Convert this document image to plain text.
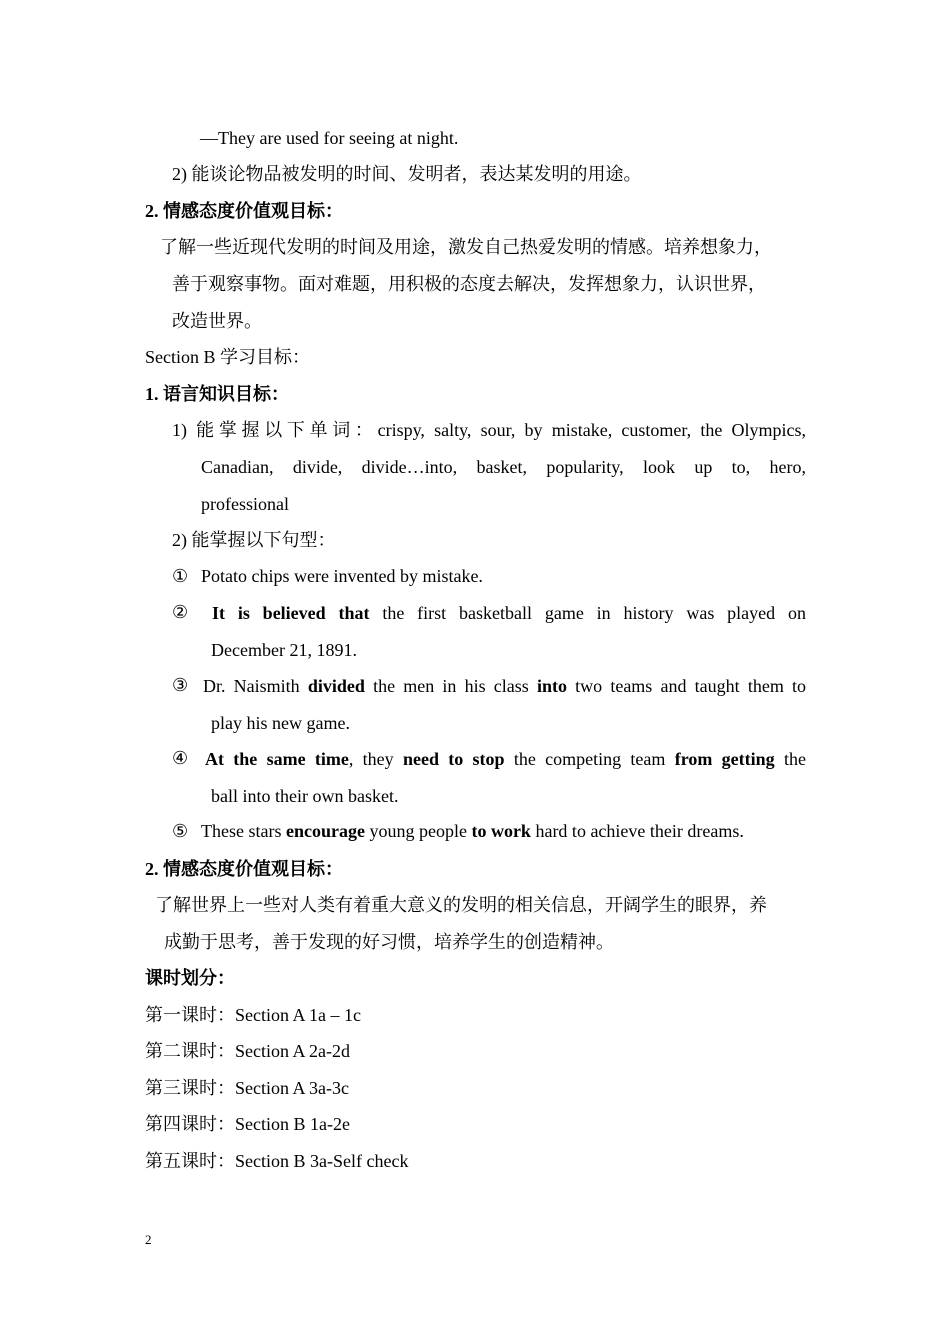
—They are used for seeing at night.
2) 能谈论物品被发明的时间、发明者，表达某发明的用途。
2. 情感态度价值观目标：
了解一些近现代发明的时间及用途，激发自己热爱发明的情感。培养想象力，
善于观察事物。面对难题，用积极的态度去解决，发挥想象力，认识世界，
改造世界。
Section B 学习目标：
1. 语言知识目标：
1) 能掌握以下单词：crispy, salty, sour, by mistake, customer, the Olympics,
Canadian, divide, divide…into, basket, popularity, look up to, hero,
professional
2) 能掌握以下句型：
① Potato chips were invented by mistake.
②	It is believed that the first basketball game in history was played on
December 21, 1891.
③ Dr. Naismith divided the men in his class into two teams and taught them to
play his new game.
④ At the same time, they need to stop the competing team from getting the
ball into their own basket.
⑤ These stars encourage young people to work hard to achieve their dreams.
2. 情感态度价值观目标：
了解世界上一些对人类有着重大意义的发明的相关信息，开阔学生的眼界，养
成勤于思考，善于发现的好习惯，培养学生的创造精神。
课时划分：
第一课时：Section A 1a – 1c
第二课时：Section A 2a-2d
第三课时：Section A 3a-3c
第四课时：Section B 1a-2e
第五课时：Section B 3a-Self check
2
